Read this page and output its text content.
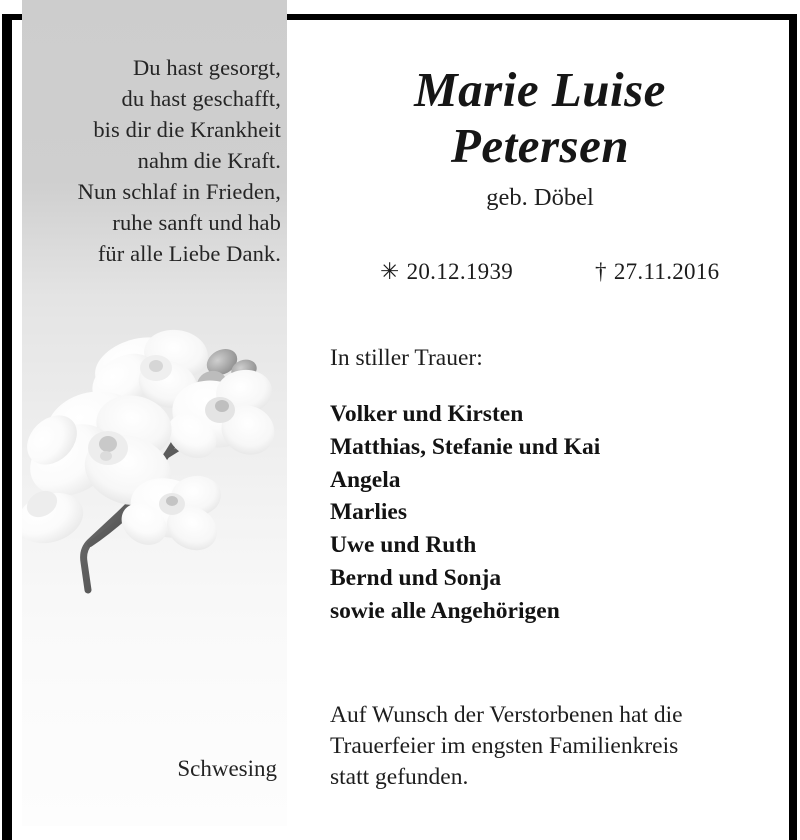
Du hast gesorgt,
du hast geschafft,
bis dir die Krankheit
nahm die Kraft.
Nun schlaf in Frieden,
ruhe sanft und hab
für alle Liebe Dank.
Schwesing
Marie Luise
Petersen
geb. Döbel
✳ 20.12.1939	† 27.11.2016
In stiller Trauer:
Volker und Kirsten
Matthias, Stefanie und Kai
Angela
Marlies
Uwe und Ruth
Bernd und Sonja
sowie alle Angehörigen
Auf Wunsch der Verstorbenen hat die
Trauerfeier im engsten Familienkreis
statt gefunden.
